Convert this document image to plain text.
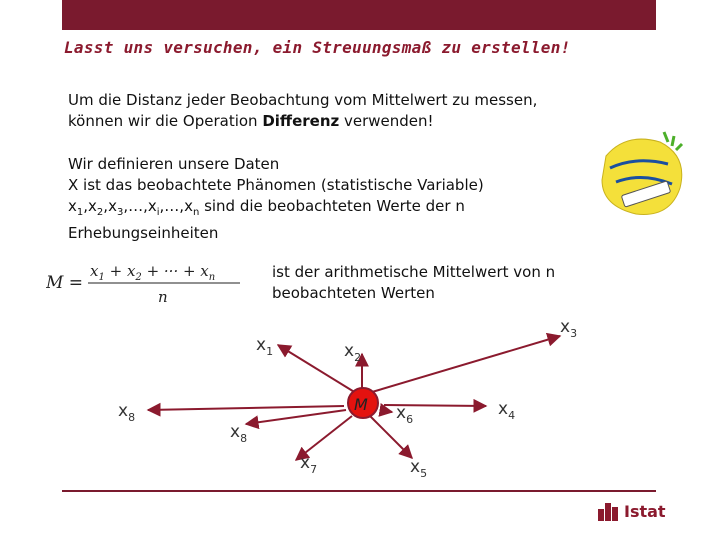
Lasst uns versuchen, ein Streuungsmaß zu erstellen!
Um die Distanz jeder Beobachtung vom Mittelwert zu messen,
können wir die Operation Differenz verwenden!
Wir definieren unsere Daten
X ist das beobachtete Phänomen (statistische Variable)
$x_1,x_2,x_3,\dots,x_i,\dots,x_n$ sind die beobachteten Werte der n
Erhebungseinheiten
M =
$x_1 + x_2$ + ··· + $x_n$
n
ist der arithmetische Mittelwert von n beobachteten Werten
M
$x_1$	$x_2$
$x_3$
$x_4$
$x_5$
$x_6$
$x_7$
$x_8$
$x_8$
Istat
